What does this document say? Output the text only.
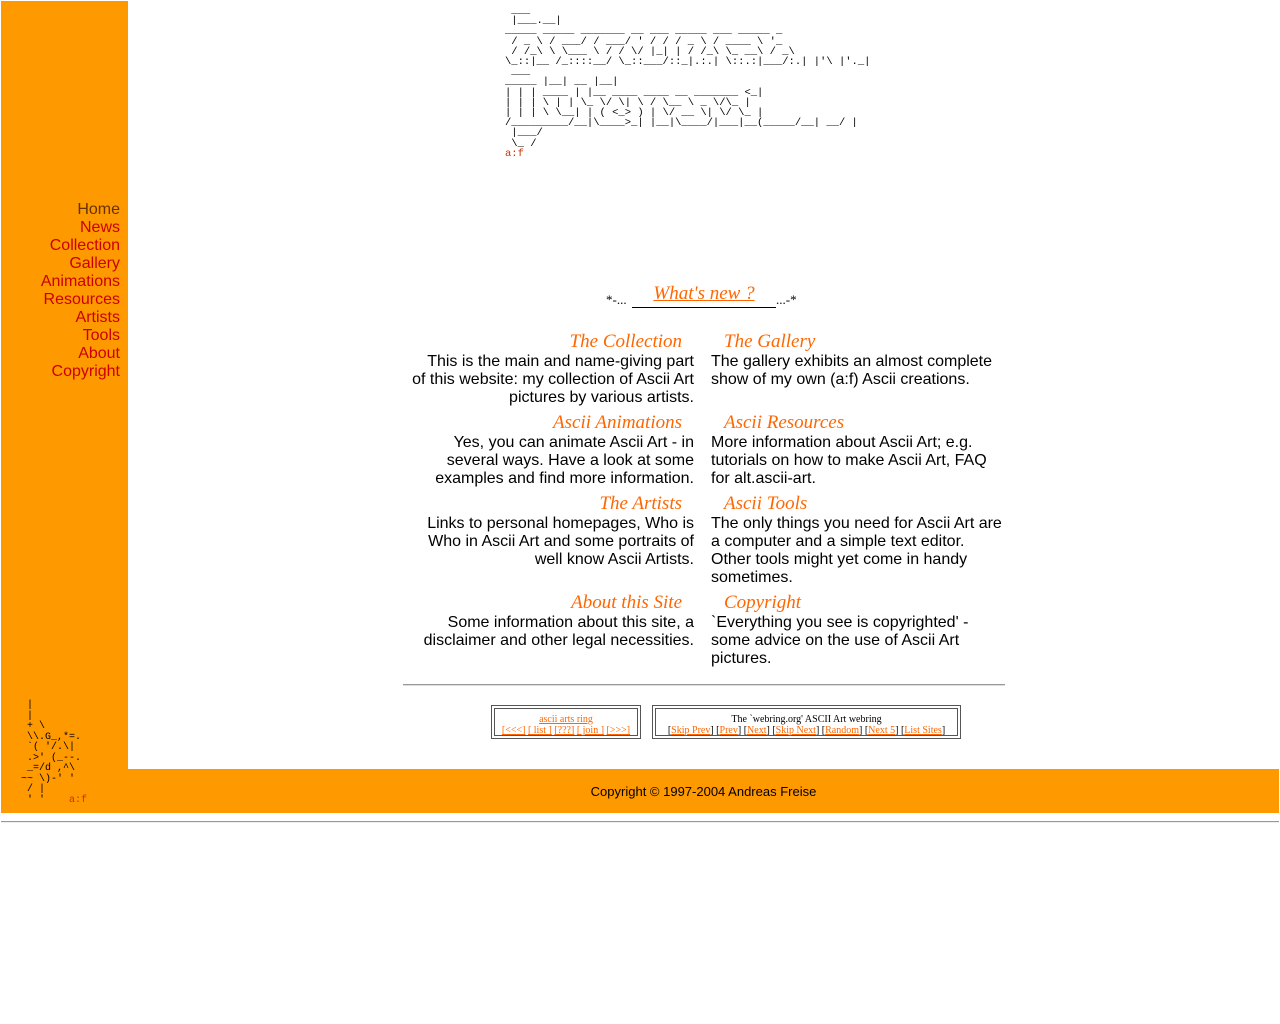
Home
News
Collection
Gallery
Animations
Resources
Artists
Tools
About
Copyright
|
|
+ \
\\.G_,*=.
`( '/.\|
.>' (_--.
_=/d ,^\
~~ \)-' '
/ |
' ' a:f
___
|___.__|
_____ _____ _______ __ ___ _____ ___ _____ _
/ _ \ / ___/ / ___/ ' / / / _ \ / ____ \ '_
/ /_\ \ \___ \ / / \/ |_| | / /_\ \_ __\ / _\
\_::|__ /_::::__/ \_::___/::_|.:.| \::.:|___/:.| |'\ |'._|
___
_____ |__| __ |__|
| | | ____ | |__ ____ ____ __ _______ <_|
| | | \ | | \_ \/ \| \ / \__ \ _ \/\_ |
| | | \ \__| | ( <_> ) | \/ __ \| \/ \_ |
/_________/__|\____>_| |__|\____/|___|__(_____/__| __/ |
|___/
\_ /
a:f
*-...	What's new ?	...-*
The Collection

This is the main and name-giving part of this website: my collection of Ascii Art pictures by various artists.

The Gallery

The gallery exhibits an almost complete show of my own (a:f) Ascii creations.

Ascii Animations

Yes, you can animate Ascii Art - in several ways. Have a look at some examples and find more information.

Ascii Resources

More information about Ascii Art; e.g. tutorials on how to make Ascii Art, FAQ for alt.ascii-art.

The Artists

Links to personal homepages, Who is Who in Ascii Art and some portraits of well know Ascii Artists.

Ascii Tools

The only things you need for Ascii Art are a computer and a simple text editor. Other tools might yet come in handy sometimes.

About this Site

Some information about this site, a disclaimer and other legal necessities.

Copyright

`Everything you see is copyrighted' - some advice on the use of Ascii Art pictures.

ascii arts ring
[<<<] [ list ] [???] [ join ] [>>>]
The `webring.org' ASCII Art webring
[Skip Prev] [Prev] [Next] [Skip Next] [Random] [Next 5] [List Sites]
Copyright © 1997-2004 Andreas Freise
